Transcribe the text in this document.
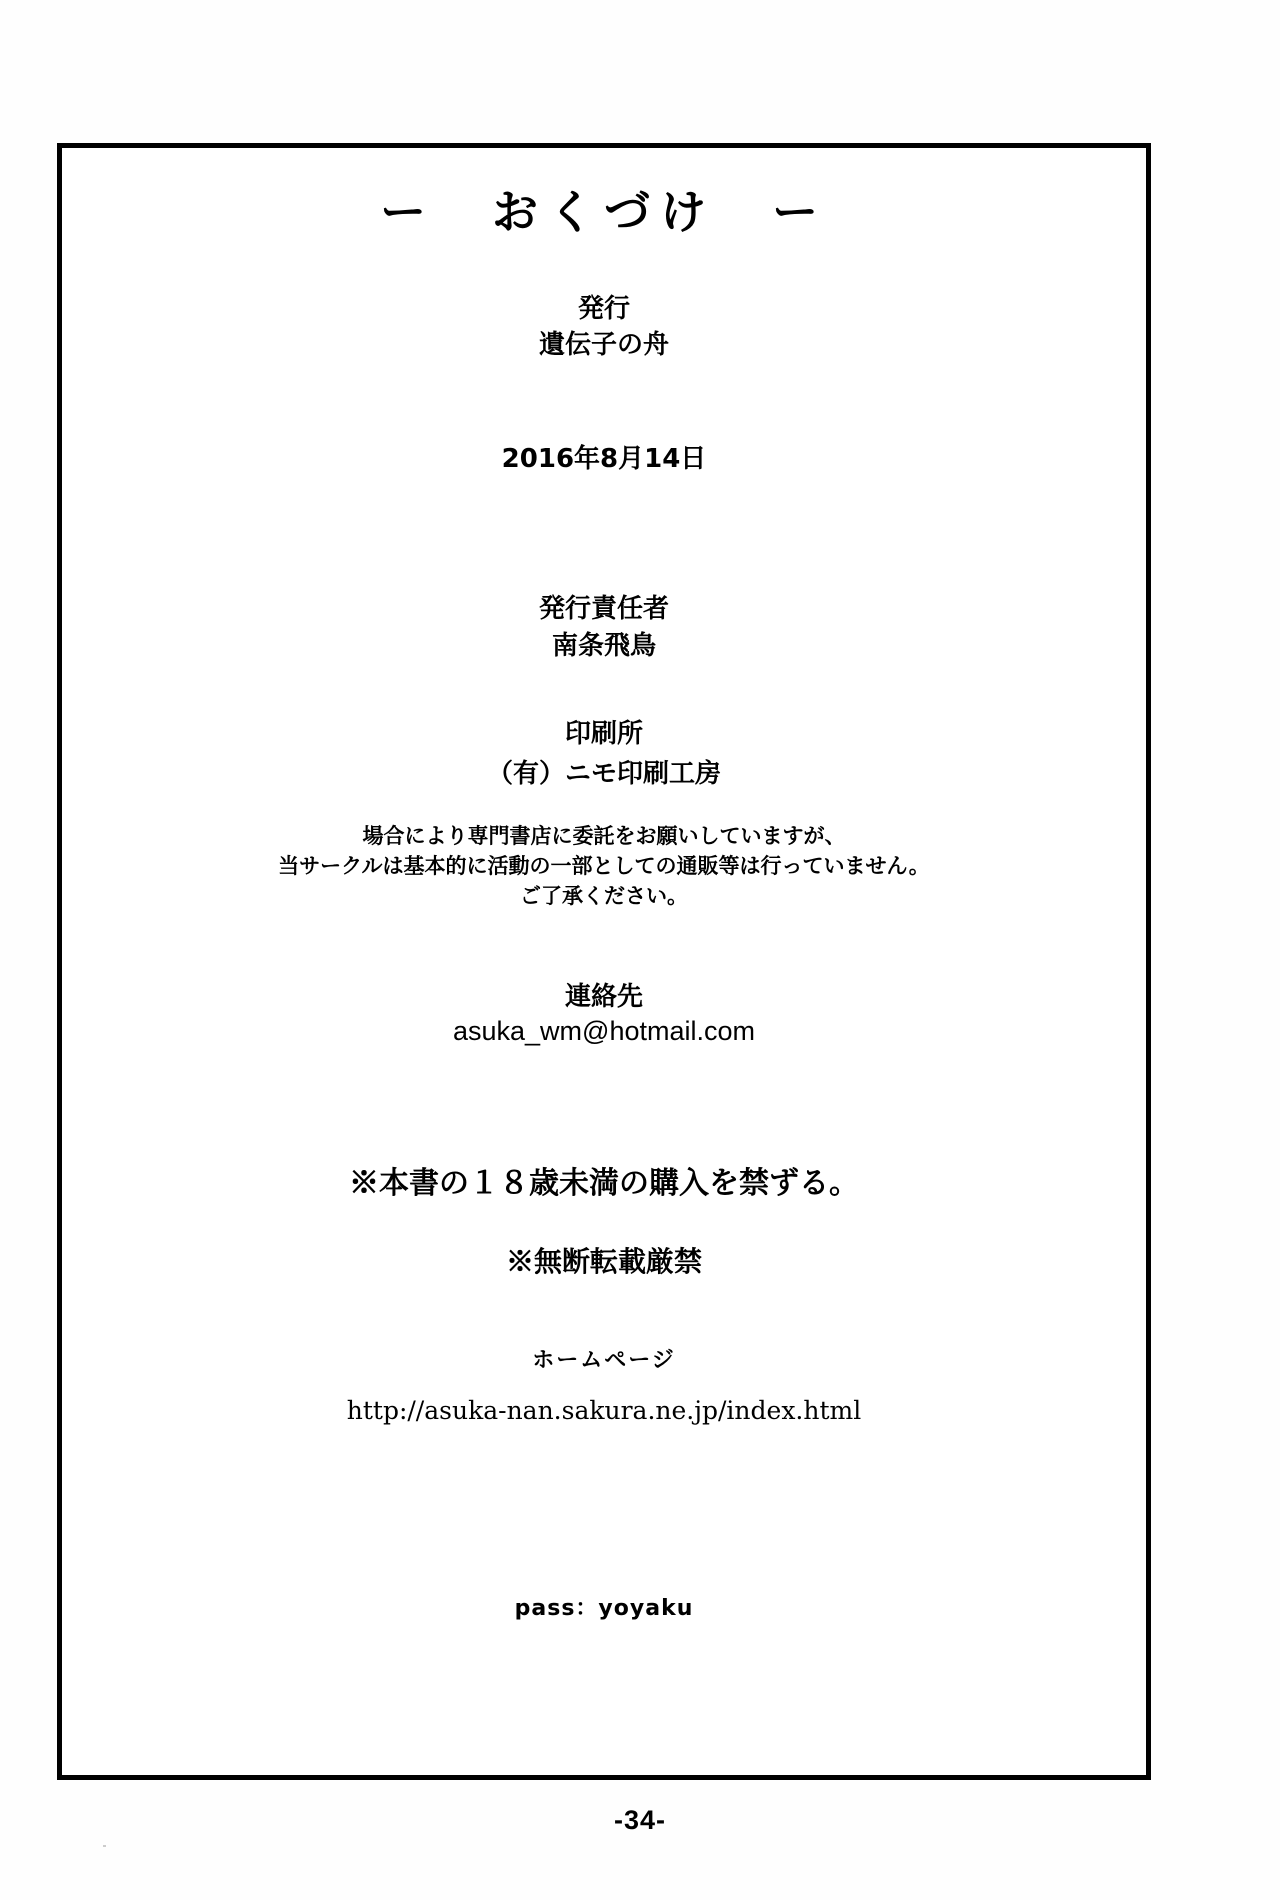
ー　おくづけ　ー
発行
遺伝子の舟
2016年8月14日
発行責任者
南条飛鳥
印刷所
（有）ニモ印刷工房
場合により専門書店に委託をお願いしていますが、
当サークルは基本的に活動の一部としての通販等は行っていません。
ご了承ください。
連絡先
asuka_wm@hotmail.com
※本書の１８歳未満の購入を禁ずる。
※無断転載厳禁
ホームページ
http://asuka-nan.sakura.ne.jp/index.html
pass：yoyaku
-34-
